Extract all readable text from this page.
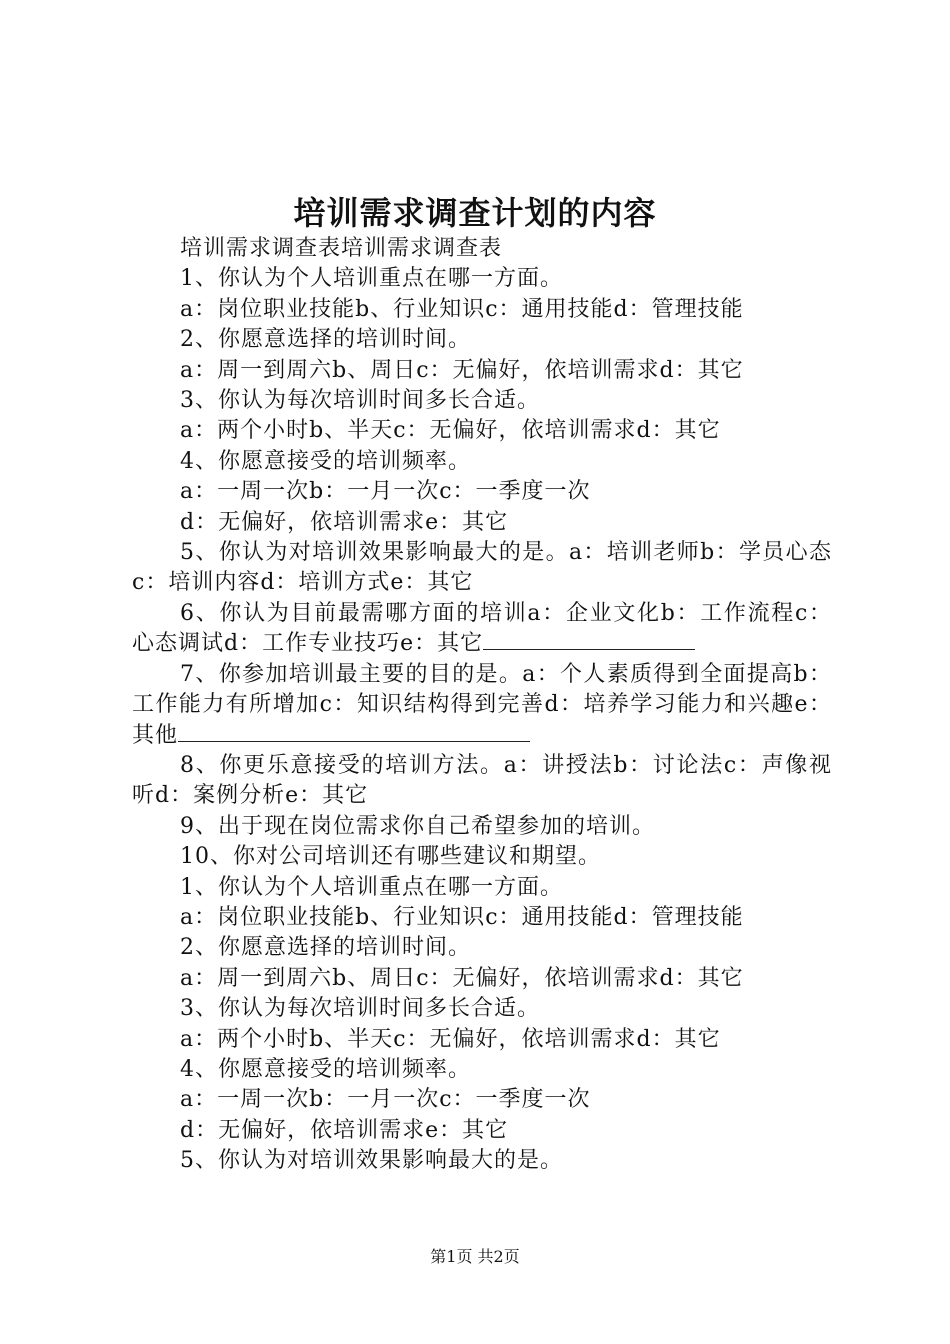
培训需求调查计划的内容
培训需求调查表培训需求调查表
1、你认为个人培训重点在哪一方面。
a：岗位职业技能b、行业知识c：通用技能d：管理技能
2、你愿意选择的培训时间。
a：周一到周六b、周日c：无偏好，依培训需求d：其它
3、你认为每次培训时间多长合适。
a：两个小时b、半天c：无偏好，依培训需求d：其它
4、你愿意接受的培训频率。
a：一周一次b：一月一次c：一季度一次
d：无偏好，依培训需求e：其它
5、你认为对培训效果影响最大的是。a：培训老师b：学员心态c：培训内容d：培训方式e：其它
6、你认为目前最需哪方面的培训a：企业文化b：工作流程c：心态调试d：工作专业技巧e：其它
7、你参加培训最主要的目的是。a：个人素质得到全面提高b：工作能力有所增加c：知识结构得到完善d：培养学习能力和兴趣e：其他
8、你更乐意接受的培训方法。a：讲授法b：讨论法c：声像视听d：案例分析e：其它
9、出于现在岗位需求你自己希望参加的培训。
10、你对公司培训还有哪些建议和期望。
1、你认为个人培训重点在哪一方面。
a：岗位职业技能b、行业知识c：通用技能d：管理技能
2、你愿意选择的培训时间。
a：周一到周六b、周日c：无偏好，依培训需求d：其它
3、你认为每次培训时间多长合适。
a：两个小时b、半天c：无偏好，依培训需求d：其它
4、你愿意接受的培训频率。
a：一周一次b：一月一次c：一季度一次
d：无偏好，依培训需求e：其它
5、你认为对培训效果影响最大的是。
第1页 共2页
